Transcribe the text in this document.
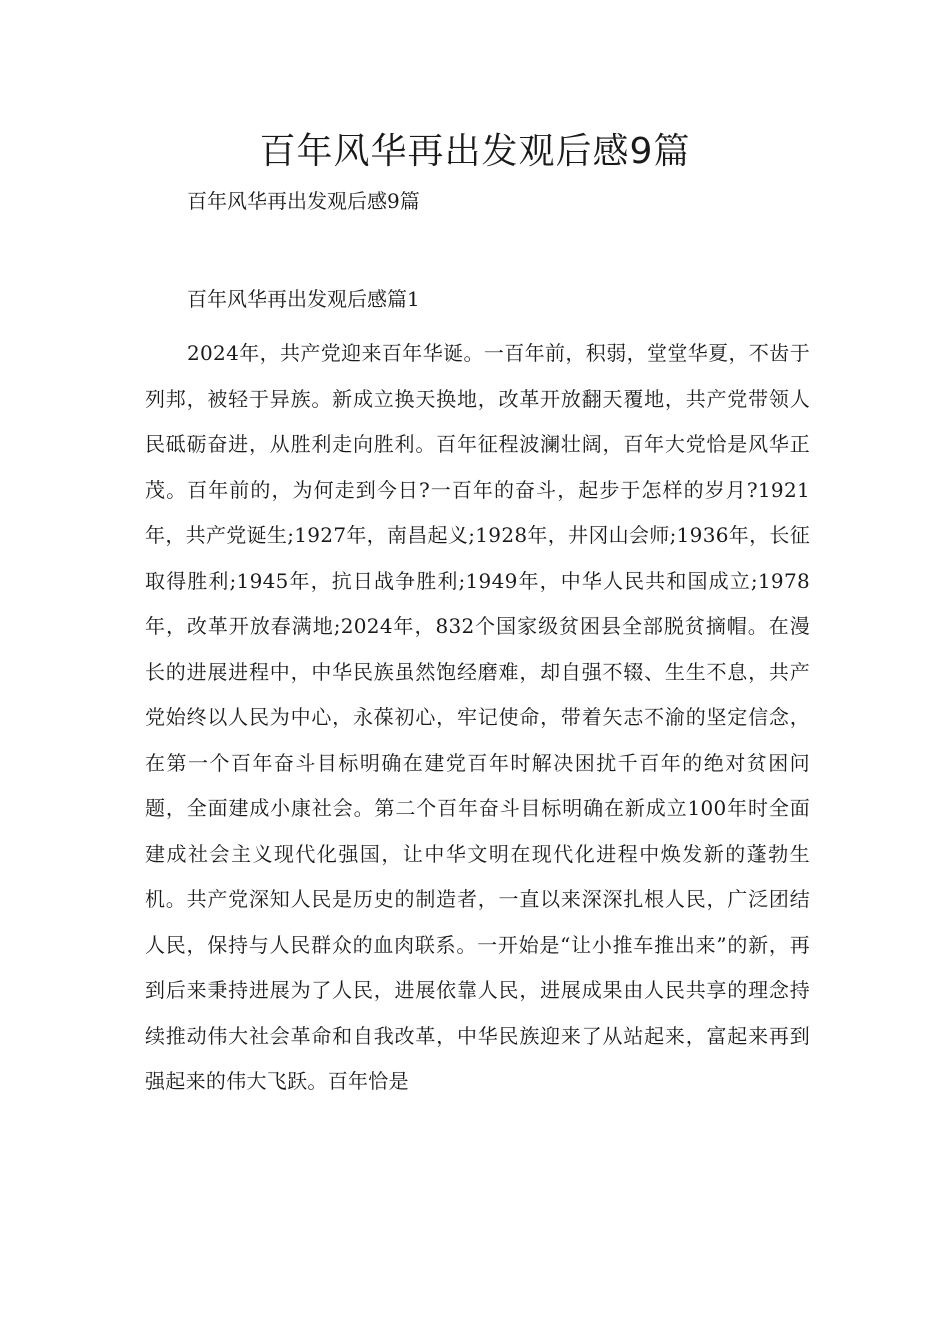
百年风华再出发观后感9篇

百年风华再出发观后感9篇

百年风华再出发观后感篇1

2024年，共产党迎来百年华诞。一百年前，积弱，堂堂华夏，不齿于列邦，被轻于异族。新成立换天换地，改革开放翻天覆地，共产党带领人民砥砺奋进，从胜利走向胜利。百年征程波澜壮阔，百年大党恰是风华正茂。百年前的，为何走到今日?一百年的奋斗，起步于怎样的岁月?1921年，共产党诞生;1927年，南昌起义;1928年，井冈山会师;1936年，长征取得胜利;1945年，抗日战争胜利;1949年，中华人民共和国成立;1978年，改革开放春满地;2024年，832个国家级贫困县全部脱贫摘帽。在漫长的进展进程中，中华民族虽然饱经磨难，却自强不辍、生生不息，共产党始终以人民为中心，永葆初心，牢记使命，带着矢志不渝的坚定信念，在第一个百年奋斗目标明确在建党百年时解决困扰千百年的绝对贫困问题，全面建成小康社会。第二个百年奋斗目标明确在新成立100年时全面建成社会主义现代化强国，让中华文明在现代化进程中焕发新的蓬勃生机。共产党深知人民是历史的制造者，一直以来深深扎根人民，广泛团结人民，保持与人民群众的血肉联系。一开始是“让小推车推出来”的新，再到后来秉持进展为了人民，进展依靠人民，进展成果由人民共享的理念持续推动伟大社会革命和自我改革，中华民族迎来了从站起来，富起来再到强起来的伟大飞跃。百年恰是
